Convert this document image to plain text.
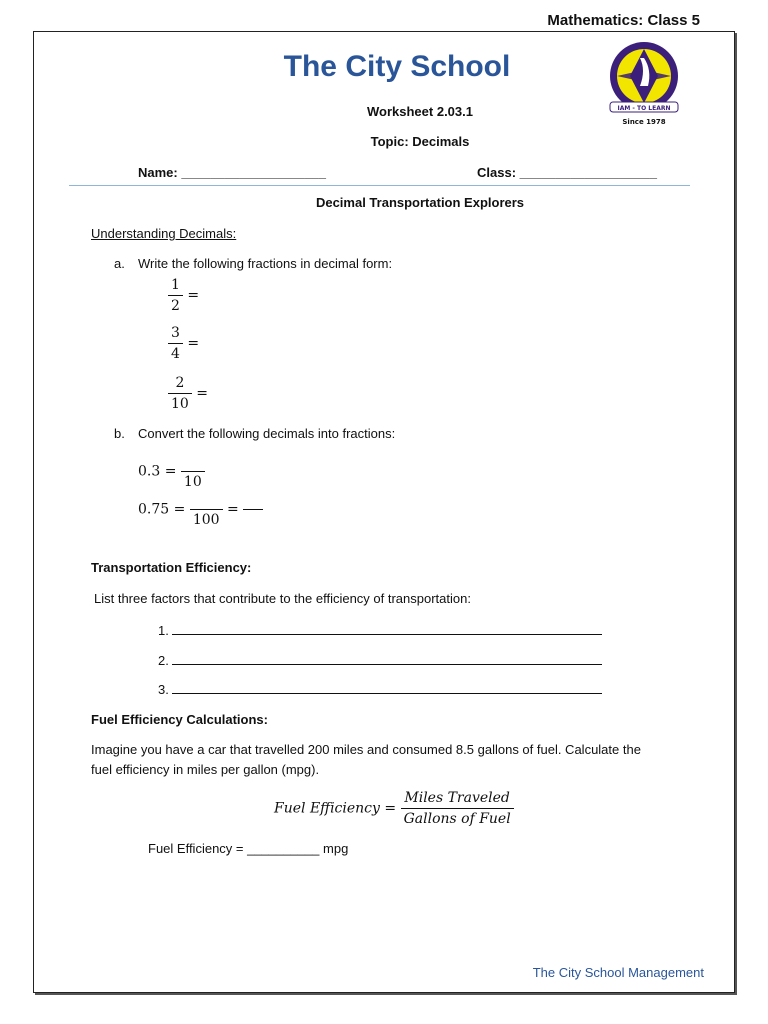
Mathematics: Class 5
The City School
IAM - TO LEARN
Since 1978
Worksheet 2.03.1
Topic: Decimals
Name: ____________________	Class: ___________________
Decimal Transportation Explorers
Understanding Decimals:
a. Write the following fractions in decimal form:
$\frac{1}{2}$ =
$\frac{3}{4}$ =
$\frac{2}{10}$ =
b. Convert the following decimals into fractions:
0.3 =

10
0.75 =

100
=

Transportation Efficiency:
List three factors that contribute to the efficiency of transportation:
1.
2.
3.
Fuel Efficiency Calculations:
Imagine you have a car that travelled 200 miles and consumed 8.5 gallons of fuel. Calculate the
fuel efficiency in miles per gallon (mpg).
Fuel Efficiency = $\frac{\text{Miles Traveled}}{\text{Gallons of Fuel}}$
Fuel Efficiency = __________ mpg
The City School Management
